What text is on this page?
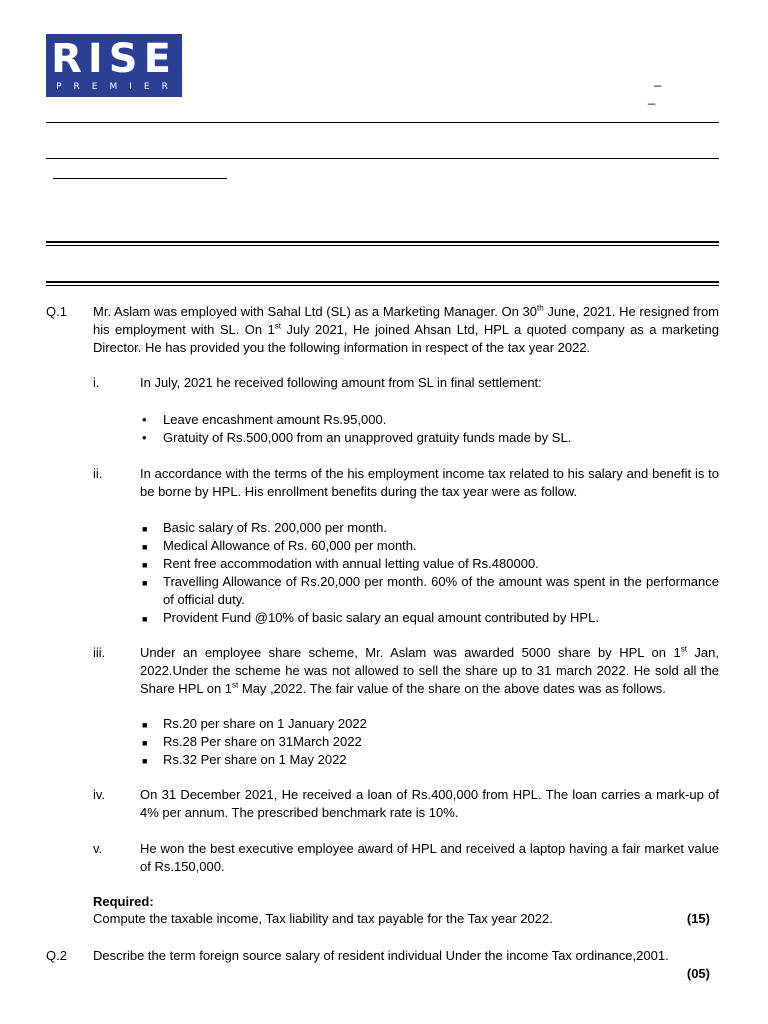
RISE
PREMIER	_
_
Q.1 Mr. Aslam was employed with Sahal Ltd (SL) as a Marketing Manager. On 30th June, 2021. He resigned from his employment with SL. On 1st July 2021, He joined Ahsan Ltd, HPL a quoted company as a marketing Director. He has provided you the following information in respect of the tax year 2022.
i.	In July, 2021 he received following amount from SL in final settlement:
• Leave encashment amount Rs.95,000.
• Gratuity of Rs.500,000 from an unapproved gratuity funds made by SL.
ii.	In accordance with the terms of the his employment income tax related to his salary and benefit is to be borne by HPL. His enrollment benefits during the tax year were as follow.
■ Basic salary of Rs. 200,000 per month.
■ Medical Allowance of Rs. 60,000 per month.
■ Rent free accommodation with annual letting value of Rs.480000.
■ Travelling Allowance of Rs.20,000 per month. 60% of the amount was spent in the performance of official duty.
■ Provident Fund @10% of basic salary an equal amount contributed by HPL.
iii.	Under an employee share scheme, Mr. Aslam was awarded 5000 share by HPL on 1st Jan, 2022.Under the scheme he was not allowed to sell the share up to 31 march 2022. He sold all the Share HPL on 1st May ,2022. The fair value of the share on the above dates was as follows.
■ Rs.20 per share on 1 January 2022
■ Rs.28 Per share on 31March 2022
■ Rs.32 Per share on 1 May 2022
iv.	On 31 December 2021, He received a loan of Rs.400,000 from HPL. The loan carries a mark-up of 4% per annum. The prescribed benchmark rate is 10%.
v.	He won the best executive employee award of HPL and received a laptop having a fair market value of Rs.150,000.
Required:
Compute the taxable income, Tax liability and tax payable for the Tax year 2022.	(15)
Q.2 Describe the term foreign source salary of resident individual Under the income Tax ordinance,2001.
(05)
